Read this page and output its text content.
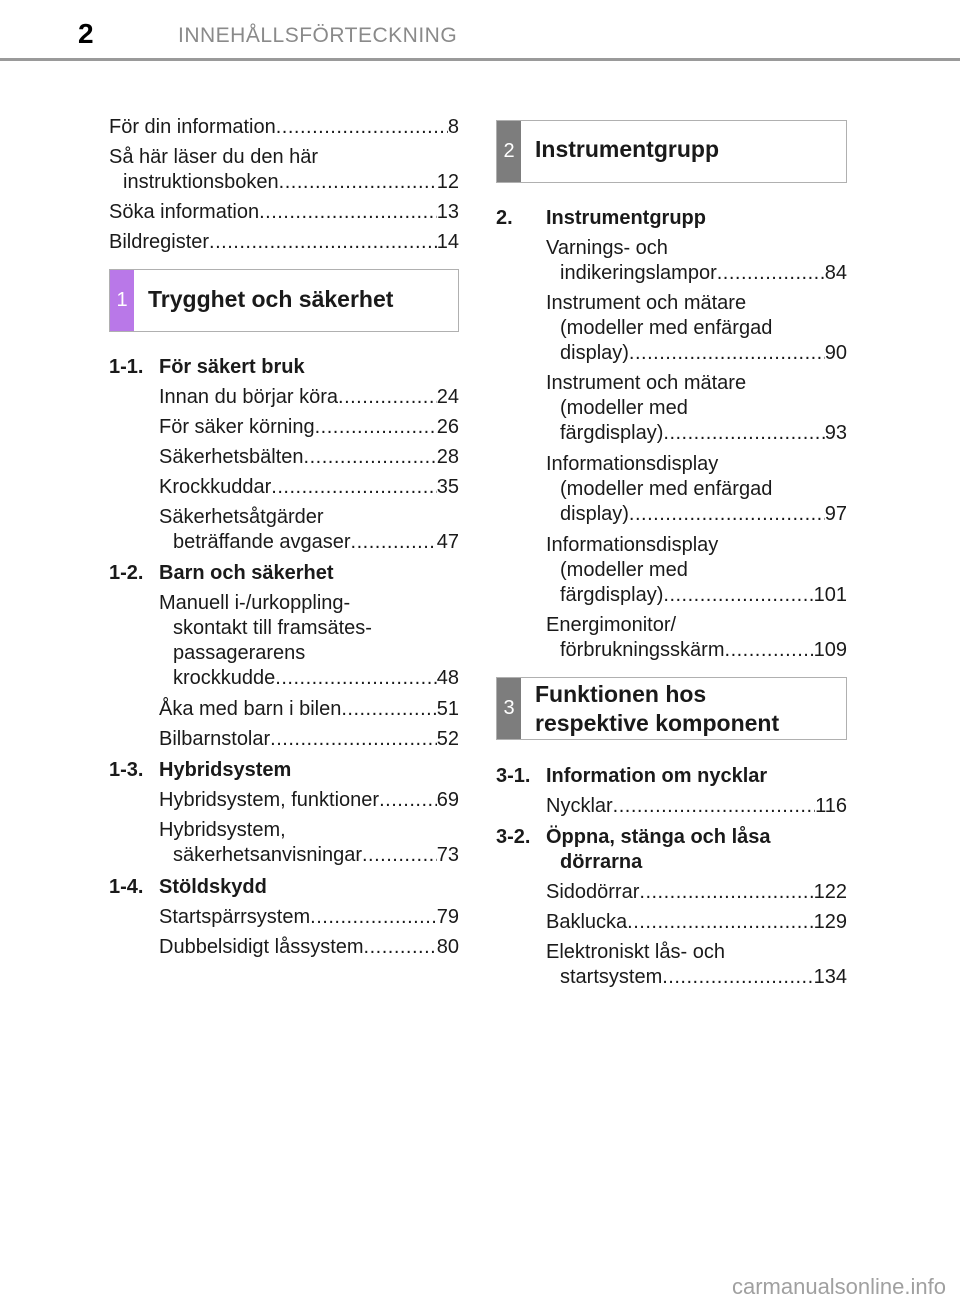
2	INNEHÅLLSFÖRTECKNING
För din information .....	8
Så här läser du den här
instruktionsboken .....	12
Söka information .....	13
Bildregister .....	14
1 Trygghet och säkerhet
1-1. För säkert bruk
Innan du börjar köra .....	24
För säker körning .....	26
Säkerhetsbälten .....	28
Krockkuddar .....	35
Säkerhetsåtgärder
beträffande avgaser .....	47
1-2. Barn och säkerhet
Manuell i-/urkoppling-
skontakt till framsätes-
passagerarens
krockkudde .....	48
Åka med barn i bilen .....	51
Bilbarnstolar .....	52
1-3. Hybridsystem
Hybridsystem, funktioner .....	69
Hybridsystem,
säkerhetsanvisningar .....	73
1-4. Stöldskydd
Startspärrsystem .....	79
Dubbelsidigt låssystem .....	80
2 Instrumentgrupp
2. Instrumentgrupp
Varnings- och
indikeringslampor .....	84
Instrument och mätare
(modeller med enfärgad
display) .....	90
Instrument och mätare
(modeller med
färgdisplay) .....	93
Informationsdisplay
(modeller med enfärgad
display) .....	97
Informationsdisplay
(modeller med
färgdisplay) .....	101
Energimonitor/
förbrukningsskärm .....	109
3
Funktionen hos
respektive komponent
3-1. Information om nycklar
Nycklar .....	116
3-2. Öppna, stänga och låsa
dörrarna
Sidodörrar .....	122
Baklucka .....	129
Elektroniskt lås- och
startsystem .....	134
carmanualsonline.info
